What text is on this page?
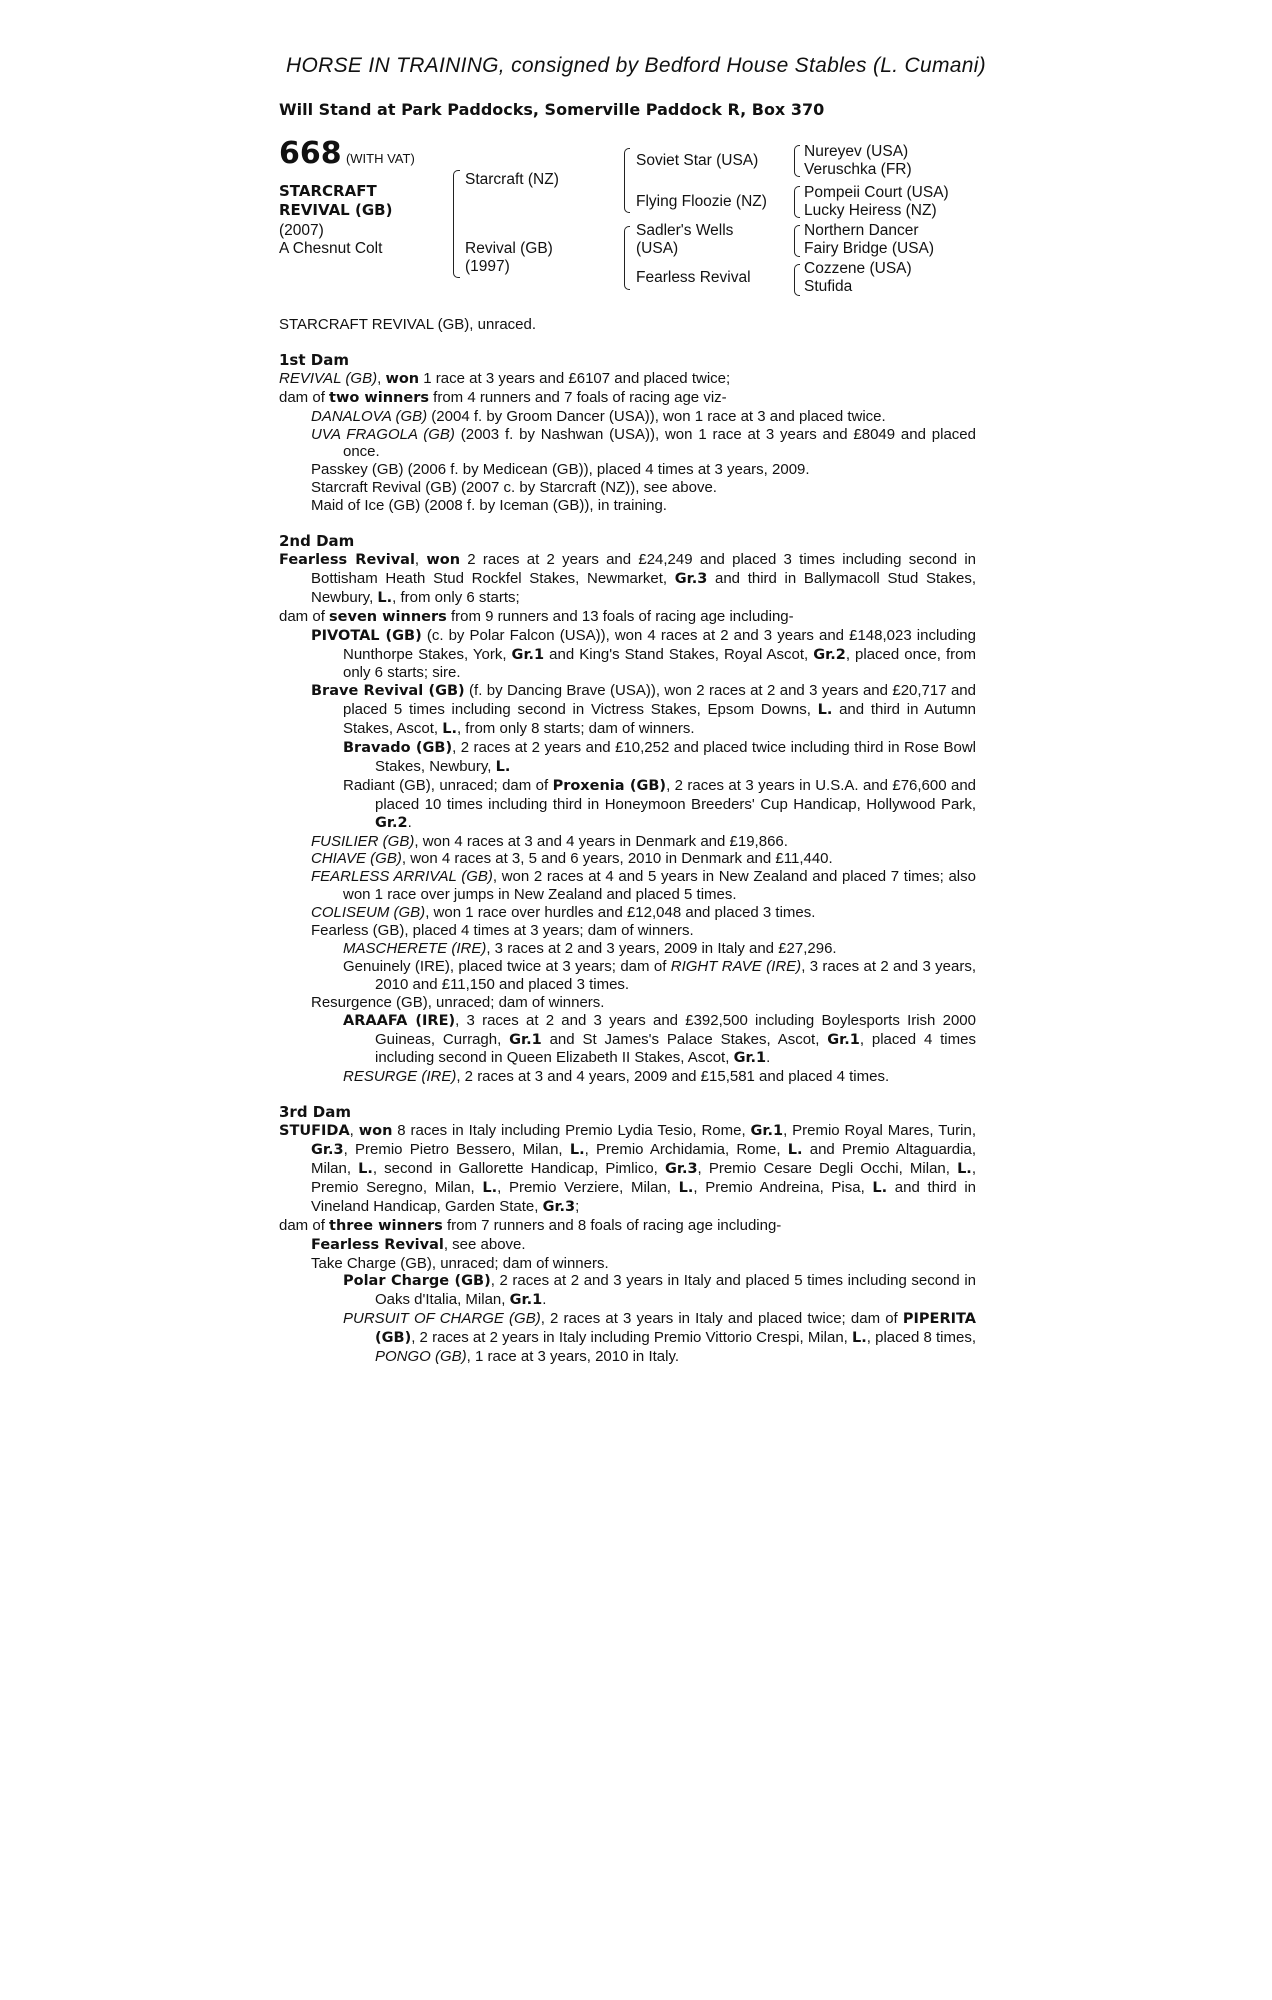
HORSE IN TRAINING, consigned by Bedford House Stables (L. Cumani)
Will Stand at Park Paddocks, Somerville Paddock R, Box 370
668 (WITH VAT)
STARCRAFT
REVIVAL (GB)
(2007)
A Chesnut Colt
Starcraft (NZ)
Revival (GB)
(1997)
Soviet Star (USA)
Flying Floozie (NZ)
Sadler's Wells
(USA)
Fearless Revival
Nureyev (USA)
Veruschka (FR)
Pompeii Court (USA)
Lucky Heiress (NZ)
Northern Dancer
Fairy Bridge (USA)
Cozzene (USA)
Stufida

STARCRAFT REVIVAL (GB), unraced.

1st Dam

REVIVAL (GB), won 1 race at 3 years and £6107 and placed twice;

dam of two winners from 4 runners and 7 foals of racing age viz-

DANALOVA (GB) (2004 f. by Groom Dancer (USA)), won 1 race at 3 and placed twice.

UVA FRAGOLA (GB) (2003 f. by Nashwan (USA)), won 1 race at 3 years and £8049 and placed once.

Passkey (GB) (2006 f. by Medicean (GB)), placed 4 times at 3 years, 2009.

Starcraft Revival (GB) (2007 c. by Starcraft (NZ)), see above.

Maid of Ice (GB) (2008 f. by Iceman (GB)), in training.

2nd Dam

Fearless Revival, won 2 races at 2 years and £24,249 and placed 3 times including second in Bottisham Heath Stud Rockfel Stakes, Newmarket, Gr.3 and third in Ballymacoll Stud Stakes, Newbury, L., from only 6 starts;

dam of seven winners from 9 runners and 13 foals of racing age including-

PIVOTAL (GB) (c. by Polar Falcon (USA)), won 4 races at 2 and 3 years and £148,023 including Nunthorpe Stakes, York, Gr.1 and King's Stand Stakes, Royal Ascot, Gr.2, placed once, from only 6 starts; sire.

Brave Revival (GB) (f. by Dancing Brave (USA)), won 2 races at 2 and 3 years and £20,717 and placed 5 times including second in Victress Stakes, Epsom Downs, L. and third in Autumn Stakes, Ascot, L., from only 8 starts; dam of winners.

Bravado (GB), 2 races at 2 years and £10,252 and placed twice including third in Rose Bowl Stakes, Newbury, L.

Radiant (GB), unraced; dam of Proxenia (GB), 2 races at 3 years in U.S.A. and £76,600 and placed 10 times including third in Honeymoon Breeders' Cup Handicap, Hollywood Park, Gr.2.

FUSILIER (GB), won 4 races at 3 and 4 years in Denmark and £19,866.

CHIAVE (GB), won 4 races at 3, 5 and 6 years, 2010 in Denmark and £11,440.

FEARLESS ARRIVAL (GB), won 2 races at 4 and 5 years in New Zealand and placed 7 times; also won 1 race over jumps in New Zealand and placed 5 times.

COLISEUM (GB), won 1 race over hurdles and £12,048 and placed 3 times.

Fearless (GB), placed 4 times at 3 years; dam of winners.

MASCHERETE (IRE), 3 races at 2 and 3 years, 2009 in Italy and £27,296.

Genuinely (IRE), placed twice at 3 years; dam of RIGHT RAVE (IRE), 3 races at 2 and 3 years, 2010 and £11,150 and placed 3 times.

Resurgence (GB), unraced; dam of winners.

ARAAFA (IRE), 3 races at 2 and 3 years and £392,500 including Boylesports Irish 2000 Guineas, Curragh, Gr.1 and St James's Palace Stakes, Ascot, Gr.1, placed 4 times including second in Queen Elizabeth II Stakes, Ascot, Gr.1.

RESURGE (IRE), 2 races at 3 and 4 years, 2009 and £15,581 and placed 4 times.

3rd Dam

STUFIDA, won 8 races in Italy including Premio Lydia Tesio, Rome, Gr.1, Premio Royal Mares, Turin, Gr.3, Premio Pietro Bessero, Milan, L., Premio Archidamia, Rome, L. and Premio Altaguardia, Milan, L., second in Gallorette Handicap, Pimlico, Gr.3, Premio Cesare Degli Occhi, Milan, L., Premio Seregno, Milan, L., Premio Verziere, Milan, L., Premio Andreina, Pisa, L. and third in Vineland Handicap, Garden State, Gr.3;

dam of three winners from 7 runners and 8 foals of racing age including-

Fearless Revival, see above.

Take Charge (GB), unraced; dam of winners.

Polar Charge (GB), 2 races at 2 and 3 years in Italy and placed 5 times including second in Oaks d'Italia, Milan, Gr.1.

PURSUIT OF CHARGE (GB), 2 races at 3 years in Italy and placed twice; dam of PIPERITA (GB), 2 races at 2 years in Italy including Premio Vittorio Crespi, Milan, L., placed 8 times, PONGO (GB), 1 race at 3 years, 2010 in Italy.
